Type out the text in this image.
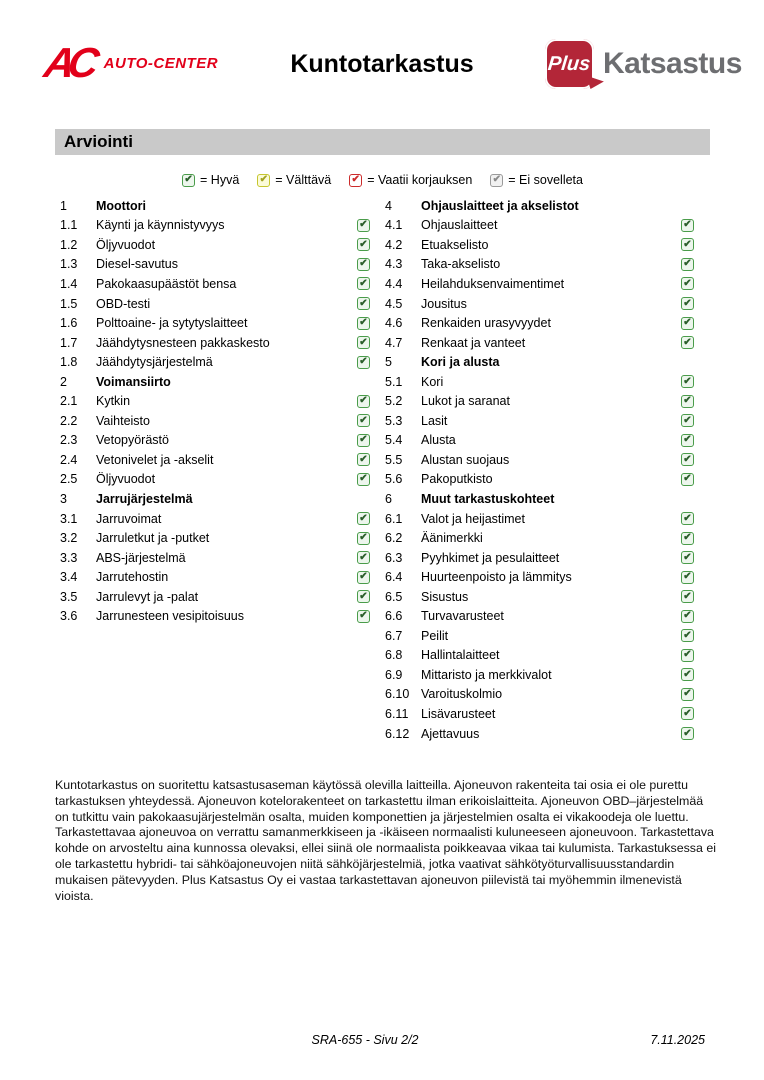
AC AUTO-CENTER	Kuntotarkastus	Plus Katsastus
Arviointi
✔ = Hyvä ✔ = Välttävä ✔ = Vaatii korjauksen ✔ = Ei sovelleta
1	Moottori
1.1	Käynti ja käynnistyvyys	✔
1.2	Öljyvuodot	✔
1.3	Diesel-savutus	✔
1.4	Pakokaasupäästöt bensa	✔
1.5	OBD-testi	✔
1.6	Polttoaine- ja sytytyslaitteet	✔
1.7	Jäähdytysnesteen pakkaskesto	✔
1.8	Jäähdytysjärjestelmä	✔
2	Voimansiirto
2.1	Kytkin	✔
2.2	Vaihteisto	✔
2.3	Vetopyörästö	✔
2.4	Vetonivelet ja -akselit	✔
2.5	Öljyvuodot	✔
3	Jarrujärjestelmä
3.1	Jarruvoimat	✔
3.2	Jarruletkut ja -putket	✔
3.3	ABS-järjestelmä	✔
3.4	Jarrutehostin	✔
3.5	Jarrulevyt ja -palat	✔
3.6	Jarrunesteen vesipitoisuus	✔
4	Ohjauslaitteet ja akselistot
4.1	Ohjauslaitteet	✔
4.2	Etuakselisto	✔
4.3	Taka-akselisto	✔
4.4	Heilahduksenvaimentimet	✔
4.5	Jousitus	✔
4.6	Renkaiden urasyvyydet	✔
4.7	Renkaat ja vanteet	✔
5	Kori ja alusta
5.1	Kori	✔
5.2	Lukot ja saranat	✔
5.3	Lasit	✔
5.4	Alusta	✔
5.5	Alustan suojaus	✔
5.6	Pakoputkisto	✔
6	Muut tarkastuskohteet
6.1	Valot ja heijastimet	✔
6.2	Äänimerkki	✔
6.3	Pyyhkimet ja pesulaitteet	✔
6.4	Huurteenpoisto ja lämmitys	✔
6.5	Sisustus	✔
6.6	Turvavarusteet	✔
6.7	Peilit	✔
6.8	Hallintalaitteet	✔
6.9	Mittaristo ja merkkivalot	✔
6.10 Varoituskolmio	✔
6.11	Lisävarusteet	✔
6.12 Ajettavuus	✔
Kuntotarkastus on suoritettu katsastusaseman käytössä olevilla laitteilla. Ajoneuvon rakenteita tai osia ei ole purettu tarkastuksen yhteydessä. Ajoneuvon kotelorakenteet on tarkastettu ilman erikoislaitteita. Ajoneuvon OBD–järjestelmää on tutkittu vain pakokaasujärjestelmän osalta, muiden komponettien ja järjestelmien osalta ei vikakoodeja ole luettu. Tarkastettavaa ajoneuvoa on verrattu samanmerkkiseen ja -ikäiseen normaalisti kuluneeseen ajoneuvoon. Tarkastettava kohde on arvosteltu aina kunnossa olevaksi, ellei siinä ole normaalista poikkeavaa vikaa tai kulumista. Tarkastuksessa ei ole tarkastettu hybridi- tai sähköajoneuvojen niitä sähköjärjestelmiä, jotka vaativat sähkötyöturvallisuusstandardin mukaisen pätevyyden. Plus Katsastus Oy ei vastaa tarkastettavan ajoneuvon piilevistä tai myöhemmin ilmenevistä vioista.
SRA-655 - Sivu 2/2	7.11.2025
